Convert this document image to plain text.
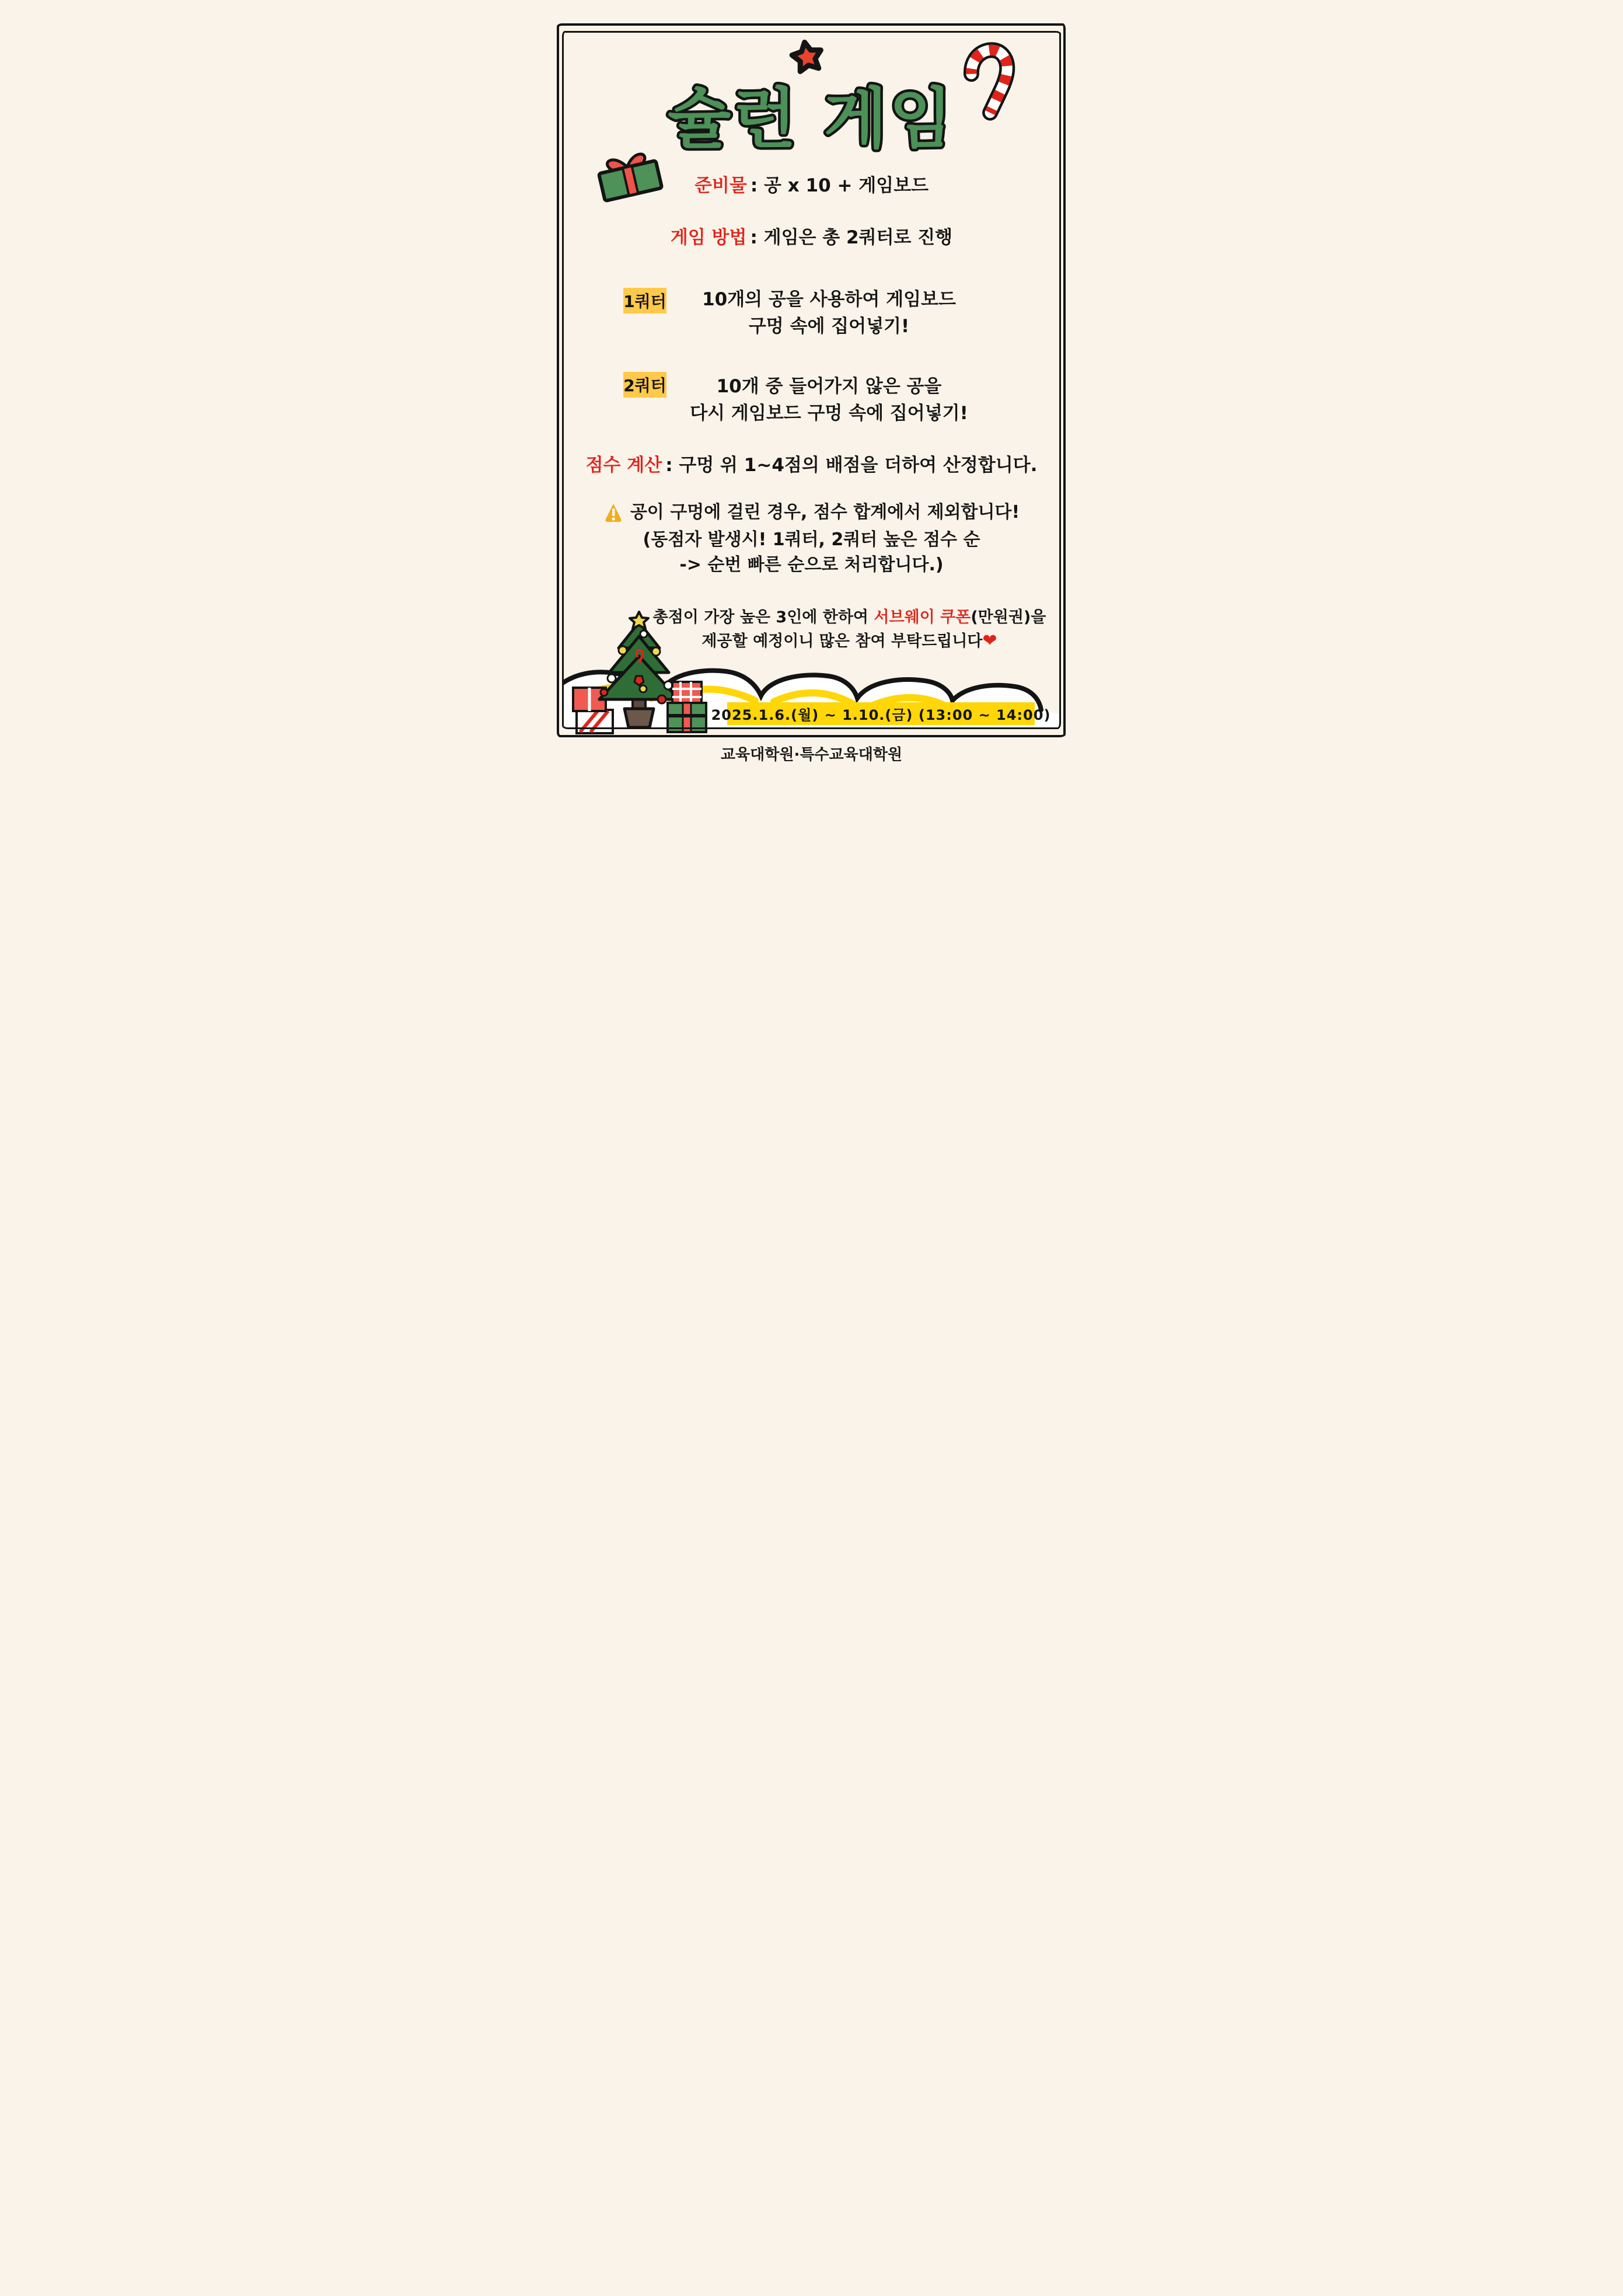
슐런 게임
준비물 : 공 x 10 + 게임보드
게임 방법 : 게임은 총 2쿼터로 진행
1쿼터	10개의 공을 사용하여 게임보드
구멍 속에 집어넣기!
2쿼터	10개 중 들어가지 않은 공을
다시 게임보드 구멍 속에 집어넣기!
점수 계산 : 구멍 위 1~4점의 배점을 더하여 산정합니다.
공이 구멍에 걸린 경우, 점수 합계에서 제외합니다!
(동점자 발생시! 1쿼터, 2쿼터 높은 점수 순
-> 순번 빠른 순으로 처리합니다.)
총점이 가장 높은 3인에 한하여 서브웨이 쿠폰(만원권)을
제공할 예정이니 많은 참여 부탁드립니다❤
2025.1.6.(월) ~ 1.10.(금) (13:00 ~ 14:00)
교육대학원·특수교육대학원
